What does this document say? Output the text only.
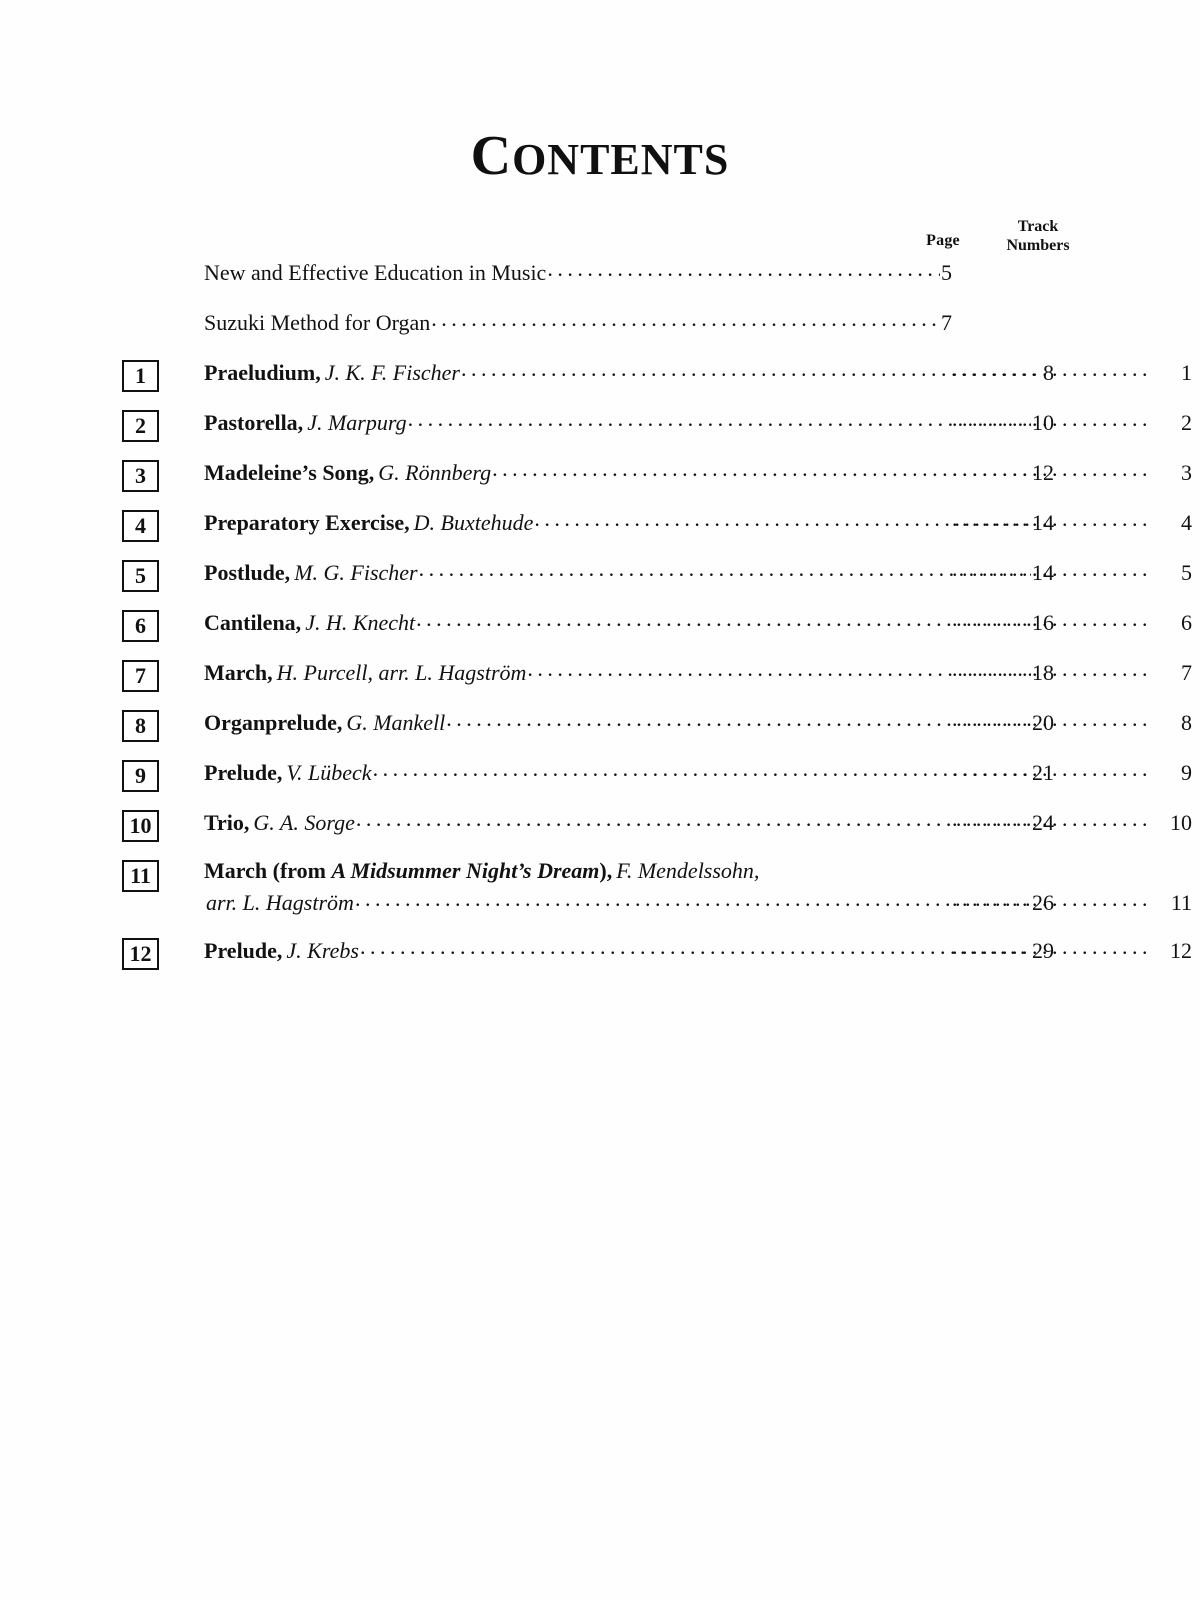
CONTENTS
Page
Track
Numbers
New and Effective Education in Music . . .	5
Suzuki Method for Organ . . .	7
1	Praeludium, J. K. F. Fischer . . .	8 . . .	1
2	Pastorella, J. Marpurg . . .	10 . . .	2
3	Madeleine’s Song, G. Rönnberg . . .	12 . . .	3
4	Preparatory Exercise, D. Buxtehude . . .	14 . . .	4
5	Postlude, M. G. Fischer . . .	14 . . .	5
6	Cantilena, J. H. Knecht . . .	16 . . .	6
7	March, H. Purcell, arr. L. Hagström . . .	18 . . .	7
8	Organprelude, G. Mankell . . .	20 . . .	8
9	Prelude, V. Lübeck . . .	21 . . .	9
10	Trio, G. A. Sorge . . .	24 . . .	10
11	March (from A Midsummer Night’s Dream), F. Mendelssohn,
arr. L. Hagström . . .	26 . . .	11
12	Prelude, J. Krebs . . .	29 . . .	12
